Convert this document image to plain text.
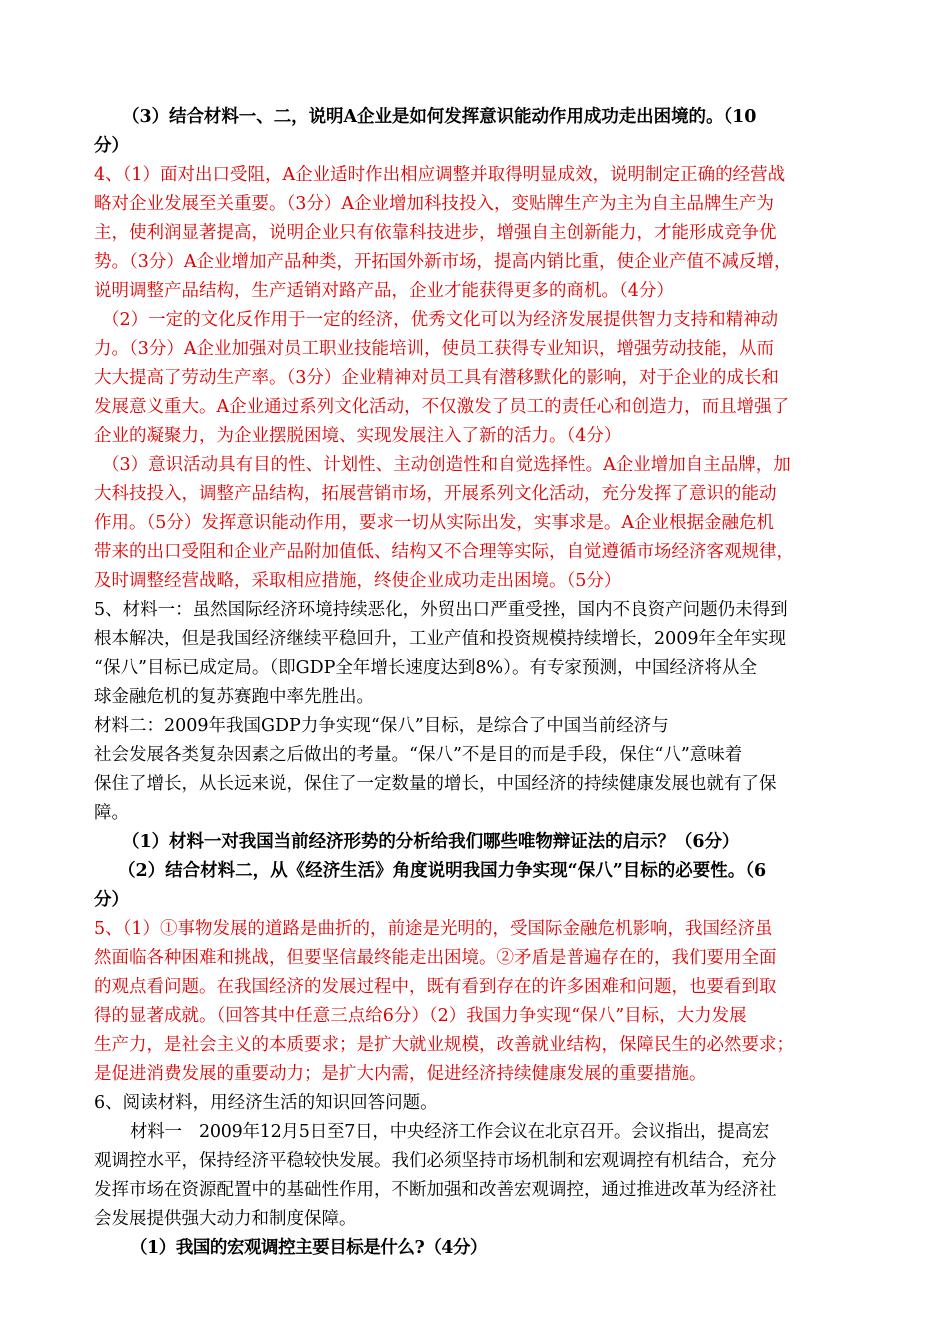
（3）结合材料一、二，说明A企业是如何发挥意识能动作用成功走出困境的。（10
分）
4、（1）面对出口受阻，A企业适时作出相应调整并取得明显成效，说明制定正确的经营战
略对企业发展至关重要。（3分）A企业增加科技投入，变贴牌生产为主为自主品牌生产为
主，使利润显著提高，说明企业只有依靠科技进步，增强自主创新能力，才能形成竞争优
势。（3分）A企业增加产品种类，开拓国外新市场，提高内销比重，使企业产值不减反增，
说明调整产品结构，生产适销对路产品，企业才能获得更多的商机。（4分）
（2）一定的文化反作用于一定的经济，优秀文化可以为经济发展提供智力支持和精神动
力。（3分）A企业加强对员工职业技能培训，使员工获得专业知识，增强劳动技能，从而
大大提高了劳动生产率。（3分）企业精神对员工具有潜移默化的影响，对于企业的成长和
发展意义重大。A企业通过系列文化活动，不仅激发了员工的责任心和创造力，而且增强了
企业的凝聚力，为企业摆脱困境、实现发展注入了新的活力。（4分）
（3）意识活动具有目的性、计划性、主动创造性和自觉选择性。A企业增加自主品牌，加
大科技投入，调整产品结构，拓展营销市场，开展系列文化活动，充分发挥了意识的能动
作用。（5分）发挥意识能动作用，要求一切从实际出发，实事求是。A企业根据金融危机
带来的出口受阻和企业产品附加值低、结构又不合理等实际，自觉遵循市场经济客观规律，
及时调整经营战略，采取相应措施，终使企业成功走出困境。（5分）
5、材料一：虽然国际经济环境持续恶化，外贸出口严重受挫，国内不良资产问题仍未得到
根本解决，但是我国经济继续平稳回升，工业产值和投资规模持续增长，2009年全年实现
“保八”目标已成定局。（即GDP全年增长速度达到8%）。有专家预测，中国经济将从全
球金融危机的复苏赛跑中率先胜出。
材料二：2009年我国GDP力争实现“保八”目标，是综合了中国当前经济与
社会发展各类复杂因素之后做出的考量。“保八”不是目的而是手段，保住“八”意味着
保住了增长，从长远来说，保住了一定数量的增长，中国经济的持续健康发展也就有了保
障。
（1）材料一对我国当前经济形势的分析给我们哪些唯物辩证法的启示？（6分）
（2）结合材料二，从《经济生活》角度说明我国力争实现“保八”目标的必要性。（6
分）
5、（1）①事物发展的道路是曲折的，前途是光明的，受国际金融危机影响，我国经济虽
然面临各种困难和挑战，但要坚信最终能走出困境。②矛盾是普遍存在的，我们要用全面
的观点看问题。在我国经济的发展过程中，既有看到存在的许多困难和问题，也要看到取
得的显著成就。（回答其中任意三点给6分）（2）我国力争实现“保八”目标，大力发展
生产力，是社会主义的本质要求；是扩大就业规模，改善就业结构，保障民生的必然要求；
是促进消费发展的重要动力；是扩大内需，促进经济持续健康发展的重要措施。
6、阅读材料，用经济生活的知识回答问题。
材料一　2009年12月5日至7日，中央经济工作会议在北京召开。会议指出，提高宏
观调控水平，保持经济平稳较快发展。我们必须坚持市场机制和宏观调控有机结合，充分
发挥市场在资源配置中的基础性作用，不断加强和改善宏观调控，通过推进改革为经济社
会发展提供强大动力和制度保障。
（1）我国的宏观调控主要目标是什么?（4分）
